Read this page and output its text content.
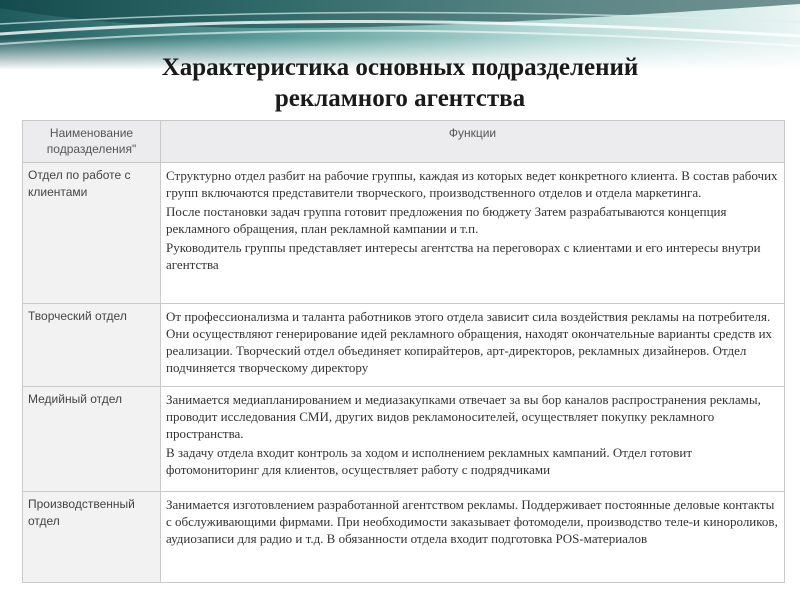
Характеристика основных подразделений
рекламного агентства
Наименование подразделения"	Функции
Отдел по работе с клиентами	Структурно отдел разбит на рабочие группы, каждая из которых ведет конкретного клиента. В состав рабочих групп включаются представители творческого, производственного отделов и отдела маркетинга.

После постановки задач группа готовит предложения по бюджету Затем разрабатываются концепция рекламного обращения, план рекламной кампании и т.п.

Руководитель группы представляет интересы агентства на переговорах с клиентами и его интересы внутри агентства

Творческий отдел	От профессионализма и таланта работников этого отдела зависит сила воздействия рекламы на потребителя. Они осуществляют генерирование идей рекламного обращения, находят окончательные варианты средств их реализации. Творческий отдел объединяет копирайтеров, арт-директоров, рекламных дизайнеров. Отдел подчиняется творческому директору

Медийный отдел	Занимается медиапланированием и медиазакупками отвечает за вы бор каналов распространения рекламы, проводит исследования СМИ, других видов рекламоносителей, осуществляет покупку рекламного пространства.

В задачу отдела входит контроль за ходом и исполнением рекламных кампаний. Отдел готовит фотомониторинг для клиентов, осуществляет работу с подрядчиками

Производственный отдел	Занимается изготовлением разработанной агентством рекламы. Поддерживает постоянные деловые контакты с обслуживающими фирмами. При необходимости заказывает фотомодели, производство теле-и кинороликов, аудиозаписи для радио и т.д. В обязанности отдела входит подготовка POS-материалов
